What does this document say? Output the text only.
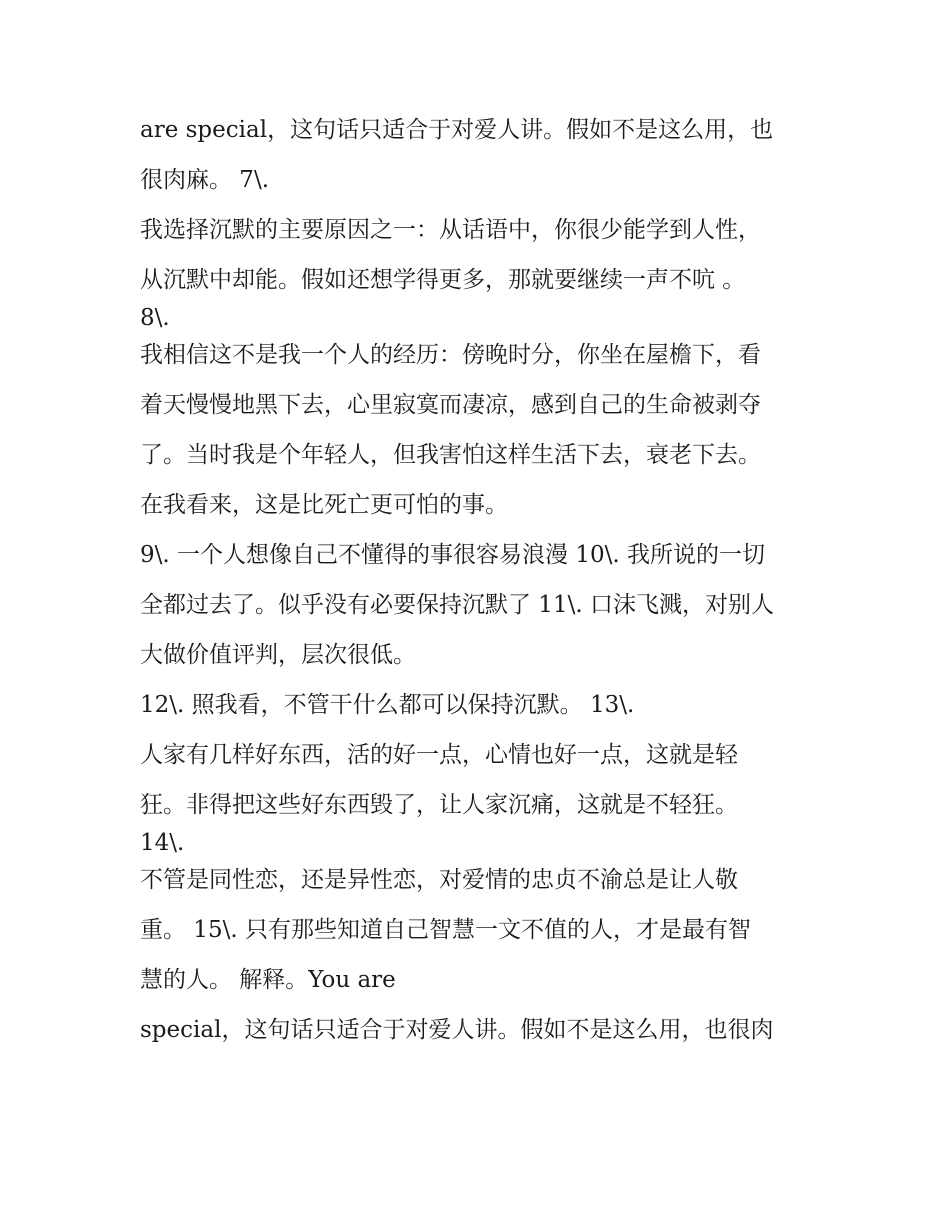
are special，这句话只适合于对爱人讲。假如不是这么用，也
很肉麻。 7\.
我选择沉默的主要原因之一：从话语中，你很少能学到人性，
从沉默中却能。假如还想学得更多，那就要继续一声不吭 。
8\.
我相信这不是我一个人的经历：傍晚时分，你坐在屋檐下，看
着天慢慢地黑下去，心里寂寞而凄凉，感到自己的生命被剥夺
了。当时我是个年轻人，但我害怕这样生活下去，衰老下去。
在我看来，这是比死亡更可怕的事。
9\. 一个人想像自己不懂得的事很容易浪漫 10\. 我所说的一切
全都过去了。似乎没有必要保持沉默了 11\. 口沫飞溅，对别人
大做价值评判，层次很低。
12\. 照我看，不管干什么都可以保持沉默。 13\.
人家有几样好东西，活的好一点，心情也好一点，这就是轻
狂。非得把这些好东西毁了，让人家沉痛，这就是不轻狂。
14\.
不管是同性恋，还是异性恋，对爱情的忠贞不渝总是让人敬
重。 15\. 只有那些知道自己智慧一文不值的人，才是最有智
慧的人。 解释。You are
special，这句话只适合于对爱人讲。假如不是这么用，也很肉
